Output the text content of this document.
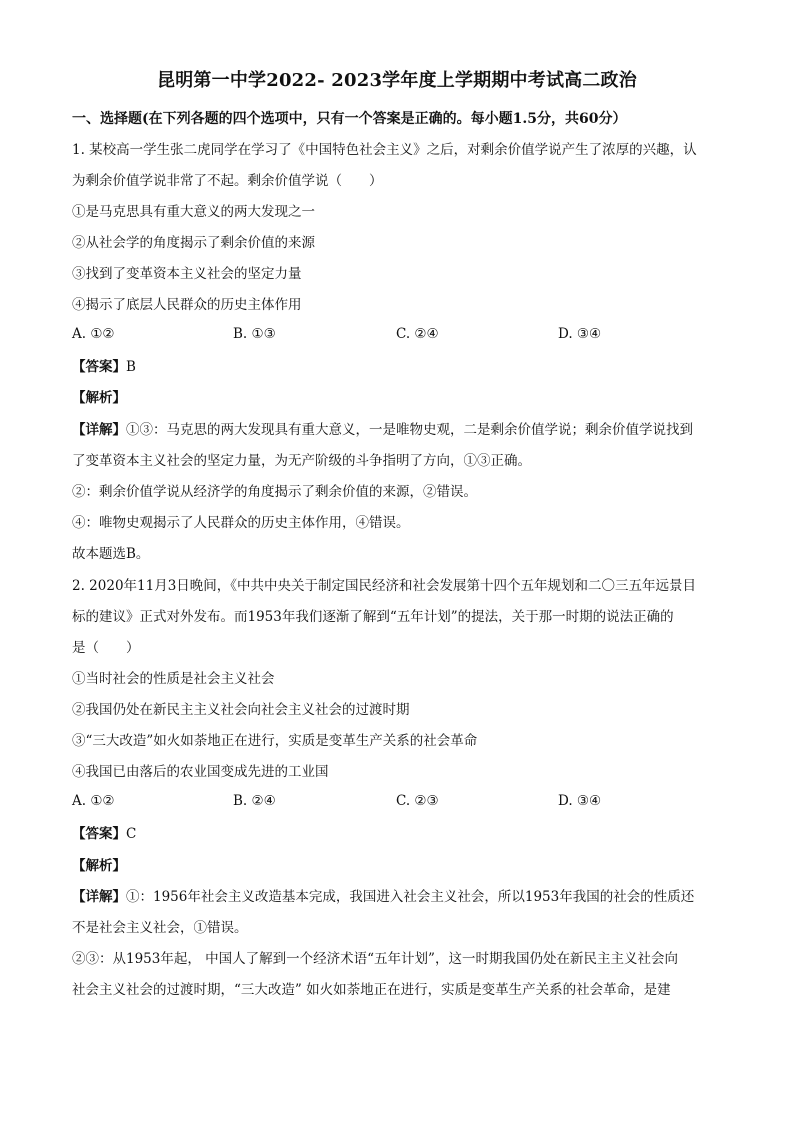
昆明第一中学2022- 2023学年度上学期期中考试高二政治
一、选择题(在下列各题的四个选项中，只有一个答案是正确的。每小题1.5分，共60分）
1. 某校高一学生张二虎同学在学习了《中国特色社会主义》之后，对剩余价值学说产生了浓厚的兴趣，认
为剩余价值学说非常了不起。剩余价值学说（　　）
①是马克思具有重大意义的两大发现之一
②从社会学的角度揭示了剩余价值的来源
③找到了变革资本主义社会的坚定力量
④揭示了底层人民群众的历史主体作用
A. ①②	B. ①③	C. ②④	D. ③④
【答案】B
【解析】
【详解】①③：马克思的两大发现具有重大意义，一是唯物史观，二是剩余价值学说；剩余价值学说找到
了变革资本主义社会的坚定力量，为无产阶级的斗争指明了方向，①③正确。
②：剩余价值学说从经济学的角度揭示了剩余价值的来源，②错误。
④：唯物史观揭示了人民群众的历史主体作用，④错误。
故本题选B。
2. 2020年11月3日晚间，《中共中央关于制定国民经济和社会发展第十四个五年规划和二〇三五年远景目
标的建议》正式对外发布。而1953年我们逐渐了解到“五年计划”的提法，关于那一时期的说法正确的
是（　　）
①当时社会的性质是社会主义社会
②我国仍处在新民主主义社会向社会主义社会的过渡时期
③“三大改造”如火如荼地正在进行，实质是变革生产关系的社会革命
④我国已由落后的农业国变成先进的工业国
A. ①②	B. ②④	C. ②③	D. ③④
【答案】C
【解析】
【详解】①：1956年社会主义改造基本完成，我国进入社会主义社会，所以1953年我国的社会的性质还
不是社会主义社会，①错误。
②③：从1953年起， 中国人了解到一个经济术语“五年计划”，这一时期我国仍处在新民主主义社会向
社会主义社会的过渡时期，“三大改造” 如火如荼地正在进行，实质是变革生产关系的社会革命，是建
